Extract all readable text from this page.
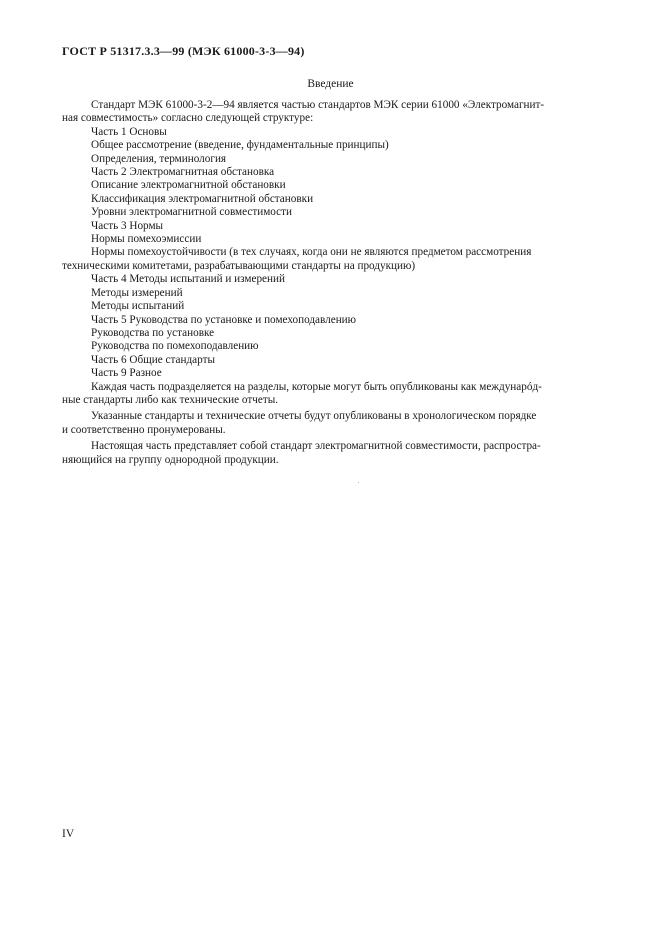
ГОСТ Р 51317.3.3—99 (МЭК 61000-3-3—94)
Введение

Стандарт МЭК 61000-3-2—94 является частью стандартов МЭК серии 61000 «Электромагнит-

ная совместимость» согласно следующей структуре:

Часть 1 Основы

Общее рассмотрение (введение, фундаментальные принципы)

Определения, терминология

Часть 2 Электромагнитная обстановка

Описание электромагнитной обстановки

Классификация электромагнитной обстановки

Уровни электромагнитной совместимости

Часть 3 Нормы

Нормы помехоэмиссии

Нормы помехоустойчивости (в тех случаях, когда они не являются предметом рассмотрения

техническими комитетами, разрабатывающими стандарты на продукцию)

Часть 4 Методы испытаний и измерений

Методы измерений

Методы испытаний

Часть 5 Руководства по установке и помехоподавлению

Руководства по установке

Руководства по помехоподавлению

Часть 6 Общие стандарты

Часть 9 Разное

Каждая часть подразделяется на разделы, которые могут быть опубликованы как междунарóд-

ные стандарты либо как технические отчеты.

Указанные стандарты и технические отчеты будут опубликованы в хронологическом порядке

и соответственно пронумерованы.

Настоящая часть представляет собой стандарт электромагнитной совместимости, распростра-

няющийся на группу однородной продукции.

IV
